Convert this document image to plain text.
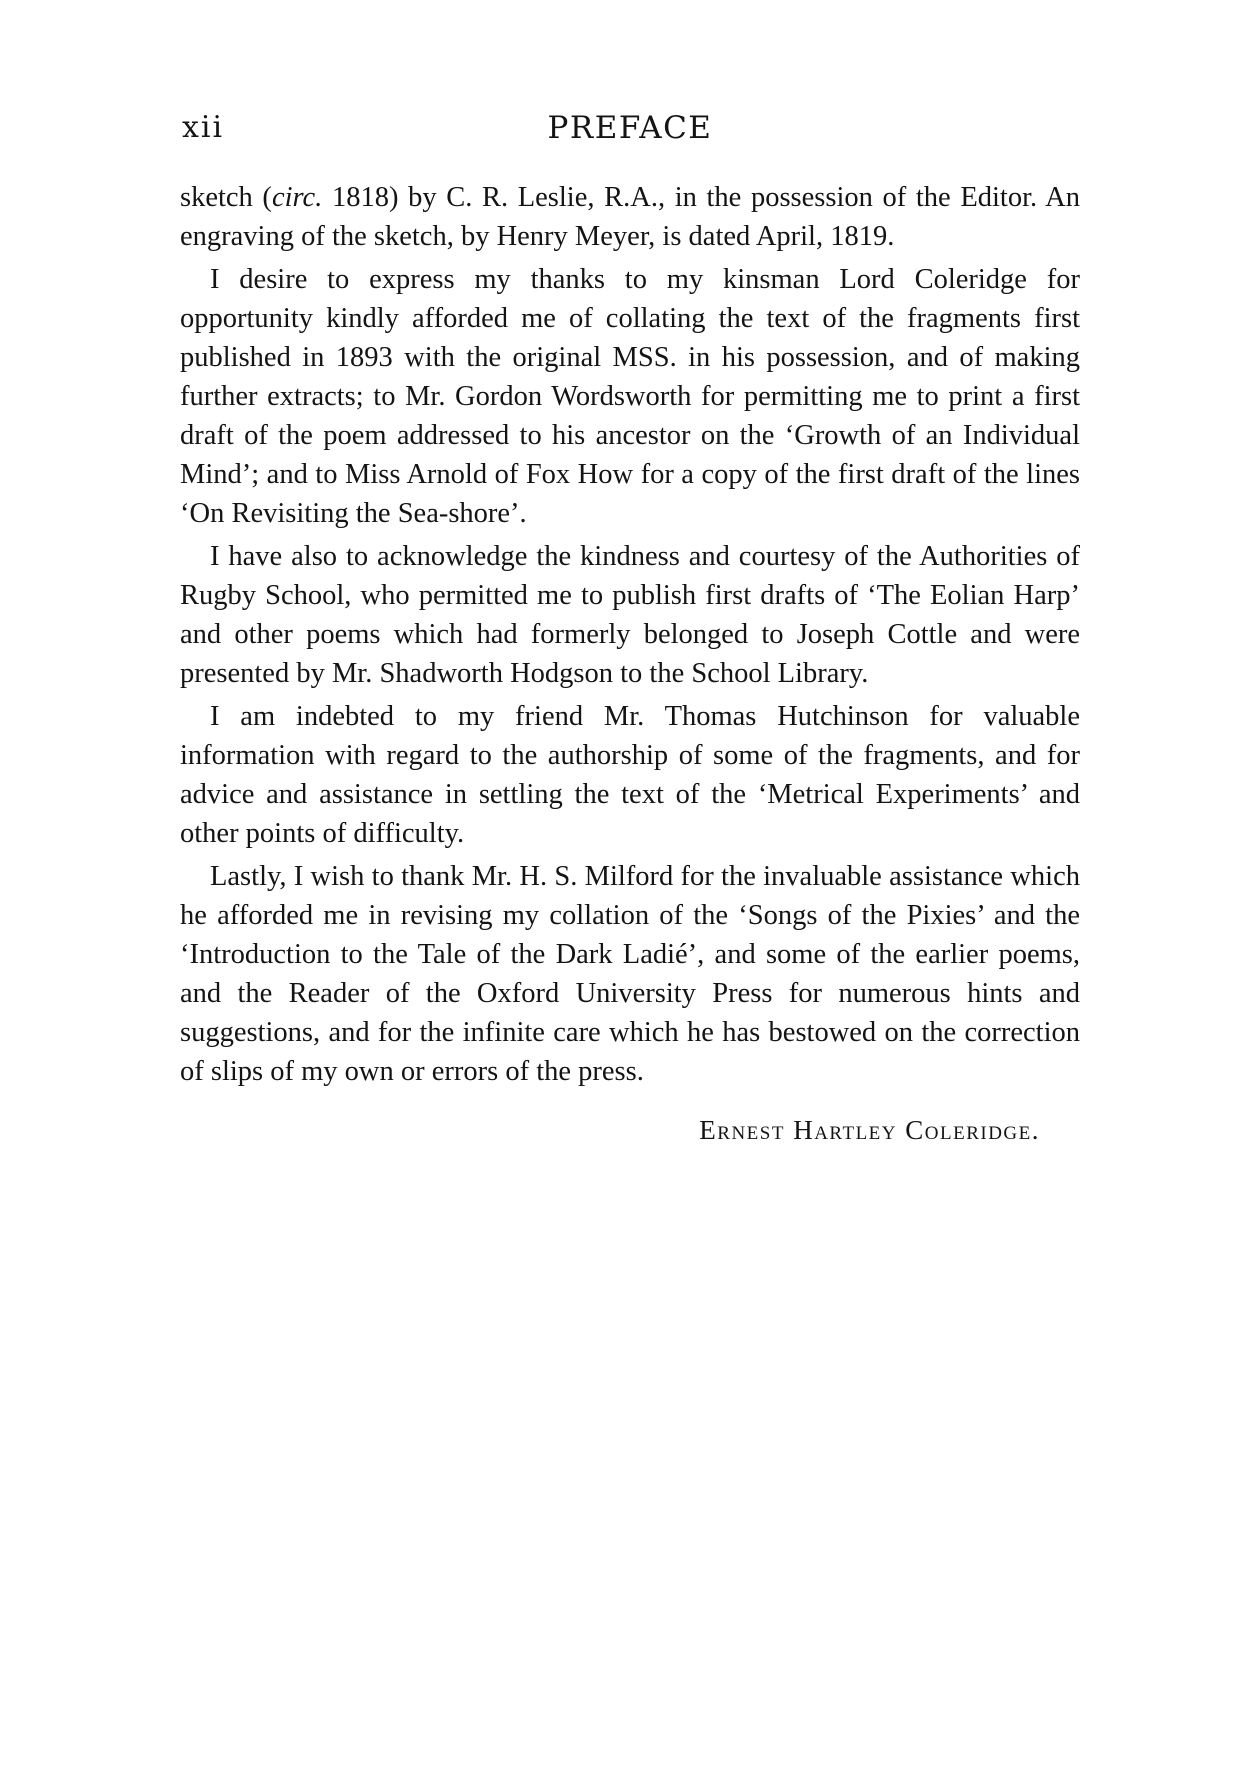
xii	PREFACE

sketch (circ. 1818) by C. R. Leslie, R.A., in the possession of the Editor. An engraving of the sketch, by Henry Meyer, is dated April, 1819.

I desire to express my thanks to my kinsman Lord Coleridge for opportunity kindly afforded me of collating the text of the fragments first published in 1893 with the original MSS. in his possession, and of making further extracts; to Mr. Gordon Wordsworth for permitting me to print a first draft of the poem addressed to his ancestor on the ‘Growth of an Individual Mind’; and to Miss Arnold of Fox How for a copy of the first draft of the lines ‘On Revisiting the Sea-shore’.

I have also to acknowledge the kindness and courtesy of the Authorities of Rugby School, who permitted me to publish first drafts of ‘The Eolian Harp’ and other poems which had formerly belonged to Joseph Cottle and were presented by Mr. Shadworth Hodgson to the School Library.

I am indebted to my friend Mr. Thomas Hutchinson for valuable information with regard to the authorship of some of the fragments, and for advice and assistance in settling the text of the ‘Metrical Experiments’ and other points of difficulty.

Lastly, I wish to thank Mr. H. S. Milford for the invaluable assistance which he afforded me in revising my collation of the ‘Songs of the Pixies’ and the ‘Introduction to the Tale of the Dark Ladié’, and some of the earlier poems, and the Reader of the Oxford University Press for numerous hints and suggestions, and for the infinite care which he has bestowed on the correction of slips of my own or errors of the press.

Ernest Hartley Coleridge.
